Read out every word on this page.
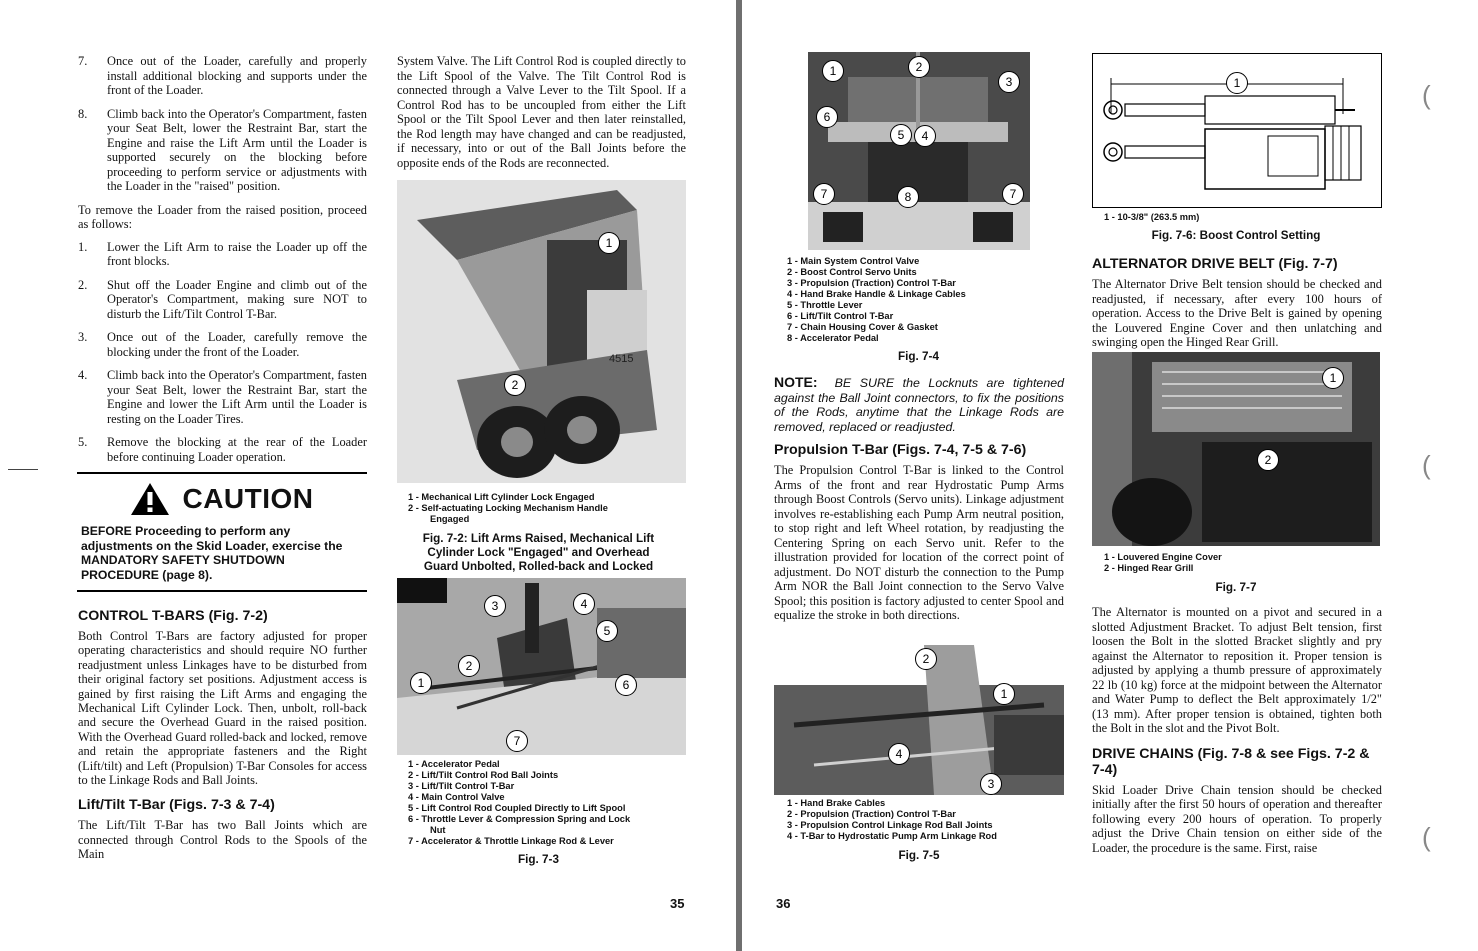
7.	Once out of the Loader, carefully and properly install additional blocking and supports under the front of the Loader.
8.	Climb back into the Operator's Compartment, fasten your Seat Belt, lower the Restraint Bar, start the Engine and raise the Lift Arm until the Loader is supported securely on the blocking before proceeding to perform service or adjustments with the Loader in the "raised" position.

To remove the Loader from the raised position, proceed as follows:

1.	Lower the Lift Arm to raise the Loader up off the front blocks.
2.	Shut off the Loader Engine and climb out of the Operator's Compartment, making sure NOT to disturb the Lift/Tilt Control T-Bar.
3.	Once out of the Loader, carefully remove the blocking under the front of the Loader.
4.	Climb back into the Operator's Compartment, fasten your Seat Belt, lower the Restraint Bar, start the Engine and lower the Lift Arm until the Loader is resting on the Loader Tires.
5.	Remove the blocking at the rear of the Loader before continuing Loader operation.
CAUTION
BEFORE Proceeding to perform any adjustments on the Skid Loader, exercise the MANDATORY SAFETY SHUTDOWN PROCEDURE (page 8).
CONTROL T-BARS (Fig. 7-2)

Both Control T-Bars are factory adjusted for proper operating characteristics and should require NO further readjustment unless Linkages have to be disturbed from their original factory set positions. Adjustment access is gained by first raising the Lift Arms and engaging the Mechanical Lift Cylinder Lock. Then, unbolt, roll-back and secure the Overhead Guard in the raised position. With the Overhead Guard rolled-back and locked, remove and retain the appropriate fasteners and the Right (Lift/tilt) and Left (Propulsion) T-Bar Consoles for access to the Linkage Rods and Ball Joints.

Lift/Tilt T-Bar (Figs. 7-3 & 7-4)

The Lift/Tilt T-Bar has two Ball Joints which are connected through Control Rods to the Spools of the Main

System Valve. The Lift Control Rod is coupled directly to the Lift Spool of the Valve. The Tilt Control Rod is connected through a Valve Lever to the Tilt Spool. If a Control Rod has to be uncoupled from either the Lift Spool or the Tilt Spool Lever and then later reinstalled, the Rod length may have changed and can be readjusted, if necessary, into or out of the Ball Joints before the opposite ends of the Rods are reconnected.

4515
1
2
1 - Mechanical Lift Cylinder Lock Engaged
2 - Self-actuating Locking Mechanism Handle
Engaged
Fig. 7-2: Lift Arms Raised, Mechanical Lift
Cylinder Lock "Engaged" and Overhead
Guard Unbolted, Rolled-back and Locked
3	4
5
2
1	6
7
1 - Accelerator Pedal
2 - Lift/Tilt Control Rod Ball Joints
3 - Lift/Tilt Control T-Bar
4 - Main Control Valve
5 - Lift Control Rod Coupled Directly to Lift Spool
6 - Throttle Lever & Compression Spring and Lock
Nut
7 - Accelerator & Throttle Linkage Rod & Lever
Fig. 7-3
35
1	2
3
6
5	4
7	8	7
1 - Main System Control Valve
2 - Boost Control Servo Units
3 - Propulsion (Traction) Control T-Bar
4 - Hand Brake Handle & Linkage Cables
5 - Throttle Lever
6 - Lift/Tilt Control T-Bar
7 - Chain Housing Cover & Gasket
8 - Accelerator Pedal
Fig. 7-4

NOTE: BE SURE the Locknuts are tightened against the Ball Joint connectors, to fix the positions of the Rods, anytime that the Linkage Rods are removed, replaced or readjusted.

Propulsion T-Bar (Figs. 7-4, 7-5 & 7-6)

The Propulsion Control T-Bar is linked to the Control Arms of the front and rear Hydrostatic Pump Arms through Boost Controls (Servo units). Linkage adjustment involves re-establishing each Pump Arm neutral position, to stop right and left Wheel rotation, by readjusting the Centering Spring on each Servo unit. Refer to the illustration provided for location of the correct point of adjustment. Do NOT disturb the connection to the Pump Arm NOR the Ball Joint connection to the Servo Valve Spool; this position is factory adjusted to center Spool and equalize the stroke in both directions.

2
1
4
3
1 - Hand Brake Cables
2 - Propulsion (Traction) Control T-Bar
3 - Propulsion Control Linkage Rod Ball Joints
4 - T-Bar to Hydrostatic Pump Arm Linkage Rod
Fig. 7-5
1
1 - 10-3/8" (263.5 mm)
Fig. 7-6: Boost Control Setting
ALTERNATOR DRIVE BELT (Fig. 7-7)

The Alternator Drive Belt tension should be checked and readjusted, if necessary, after every 100 hours of operation. Access to the Drive Belt is gained by opening the Louvered Engine Cover and then unlatching and swinging open the Hinged Rear Grill.

1
2
1 - Louvered Engine Cover
2 - Hinged Rear Grill
Fig. 7-7

The Alternator is mounted on a pivot and secured in a slotted Adjustment Bracket. To adjust Belt tension, first loosen the Bolt in the slotted Bracket slightly and pry against the Alternator to reposition it. Proper tension is adjusted by applying a thumb pressure of approximately 22 lb (10 kg) force at the midpoint between the Alternator and Water Pump to deflect the Belt approximately 1/2" (13 mm). After proper tension is obtained, tighten both the Bolt in the slot and the Pivot Bolt.

DRIVE CHAINS (Fig. 7-8 & see Figs. 7-2 & 7-4)

Skid Loader Drive Chain tension should be checked initially after the first 50 hours of operation and thereafter following every 200 hours of operation. To properly adjust the Drive Chain tension on either side of the Loader, the procedure is the same. First, raise

36
(
(
(
